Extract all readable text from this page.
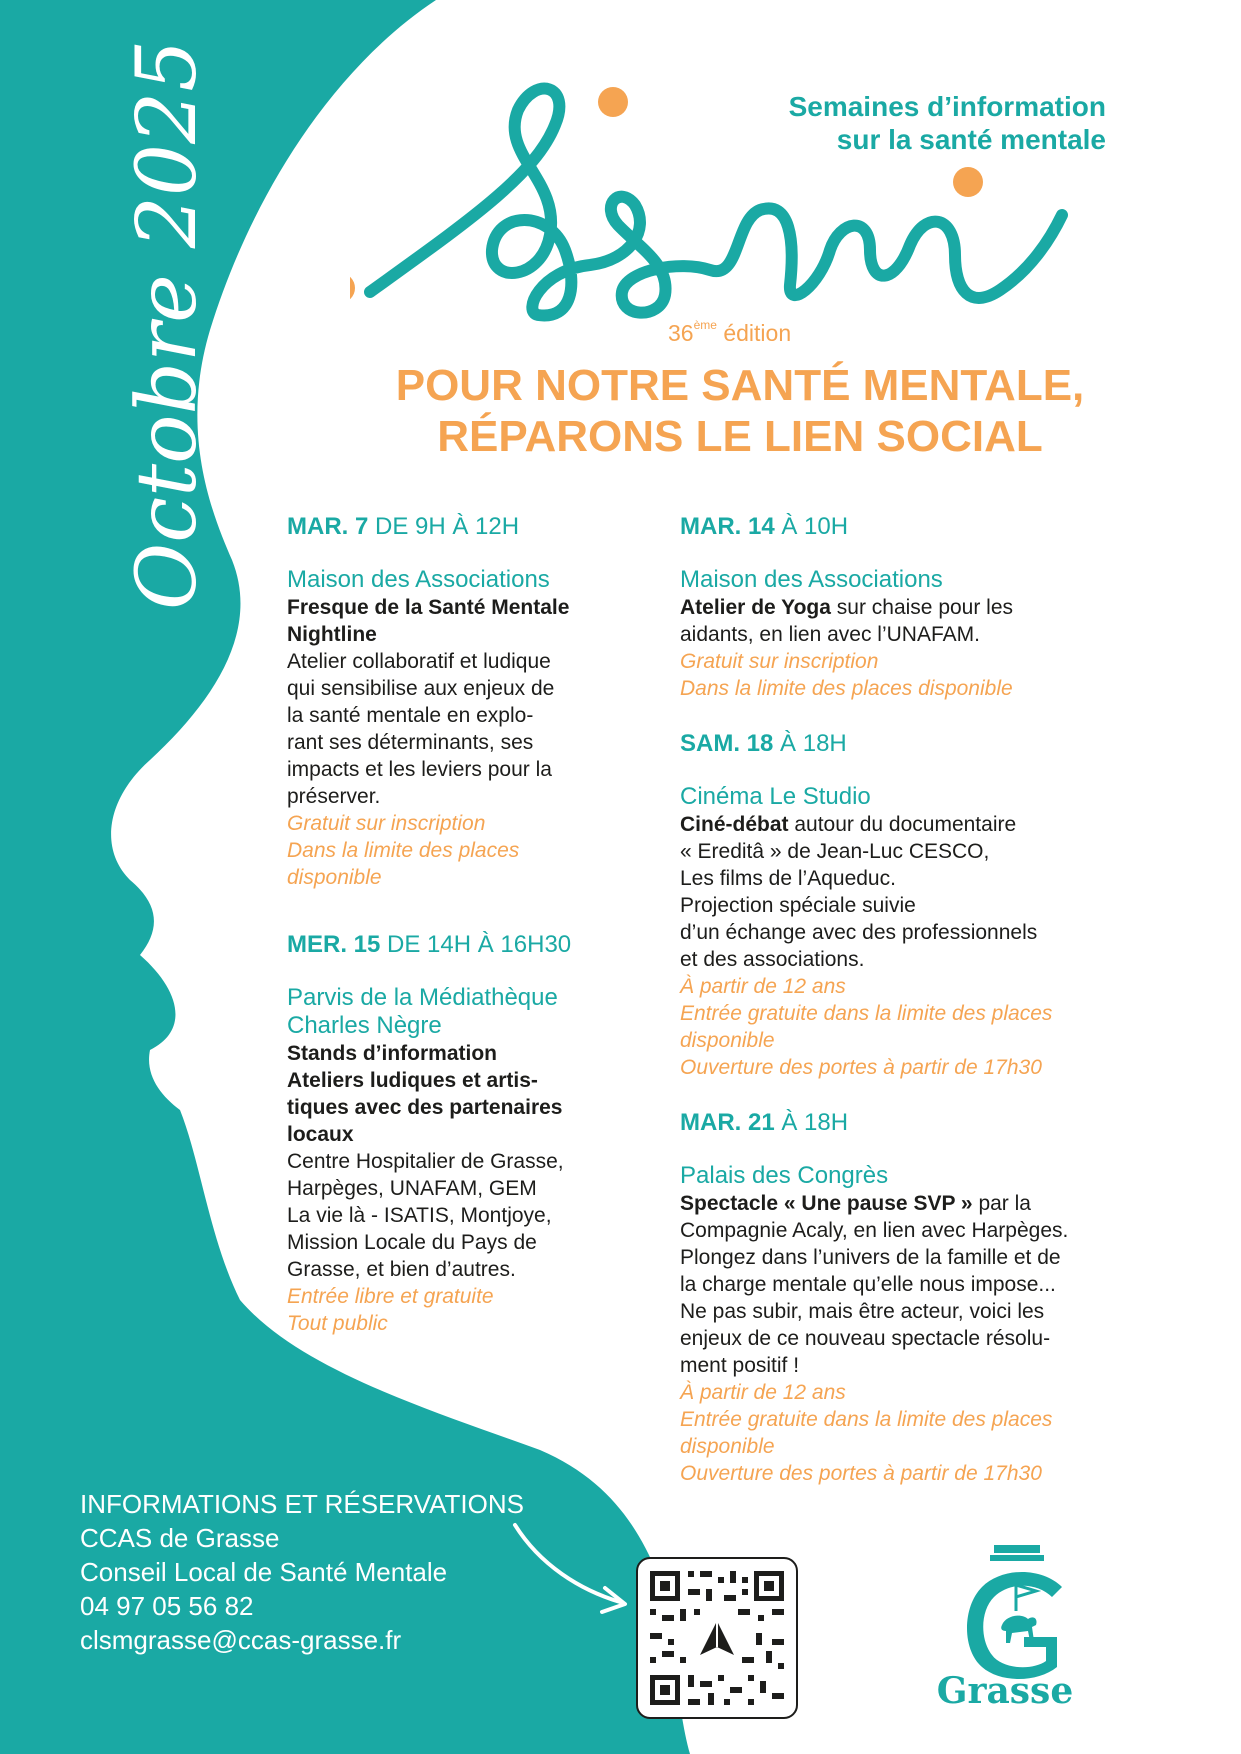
Octobre 2025	Semaines d’information
sur la santé mentale
36ème édition
POUR NOTRE SANTÉ MENTALE,
RÉPARONS LE LIEN SOCIAL
MAR. 7 DE 9H À 12H
Maison des Associations
Fresque de la Santé Mentale
Nightline
Atelier collaboratif et ludique
qui sensibilise aux enjeux de
la santé mentale en explo-
rant ses déterminants, ses
impacts et les leviers pour la
préserver.
Gratuit sur inscription
Dans la limite des places
disponible
MER. 15 DE 14H À 16H30
Parvis de la Médiathèque
Charles Nègre
Stands d’information
Ateliers ludiques et artis-
tiques avec des partenaires
locaux
Centre Hospitalier de Grasse,
Harpèges, UNAFAM, GEM
La vie là - ISATIS, Montjoye,
Mission Locale du Pays de
Grasse, et bien d’autres.
Entrée libre et gratuite
Tout public
MAR. 14 À 10H
Maison des Associations
Atelier de Yoga sur chaise pour les
aidants, en lien avec l’UNAFAM.
Gratuit sur inscription
Dans la limite des places disponible
SAM. 18 À 18H
Cinéma Le Studio
Ciné-débat autour du documentaire
« Ereditâ » de Jean-Luc CESCO,
Les films de l’Aqueduc.
Projection spéciale suivie
d’un échange avec des professionnels
et des associations.
À partir de 12 ans
Entrée gratuite dans la limite des places
disponible
Ouverture des portes à partir de 17h30
MAR. 21 À 18H
Palais des Congrès
Spectacle « Une pause SVP » par la
Compagnie Acaly, en lien avec Harpèges.
Plongez dans l’univers de la famille et de
la charge mentale qu’elle nous impose...
Ne pas subir, mais être acteur, voici les
enjeux de ce nouveau spectacle résolu-
ment positif !
À partir de 12 ans
Entrée gratuite dans la limite des places
disponible
Ouverture des portes à partir de 17h30
INFORMATIONS ET RÉSERVATIONS
CCAS de Grasse
Conseil Local de Santé Mentale
04 97 05 56 82
clsmgrasse@ccas-grasse.fr
Grasse
